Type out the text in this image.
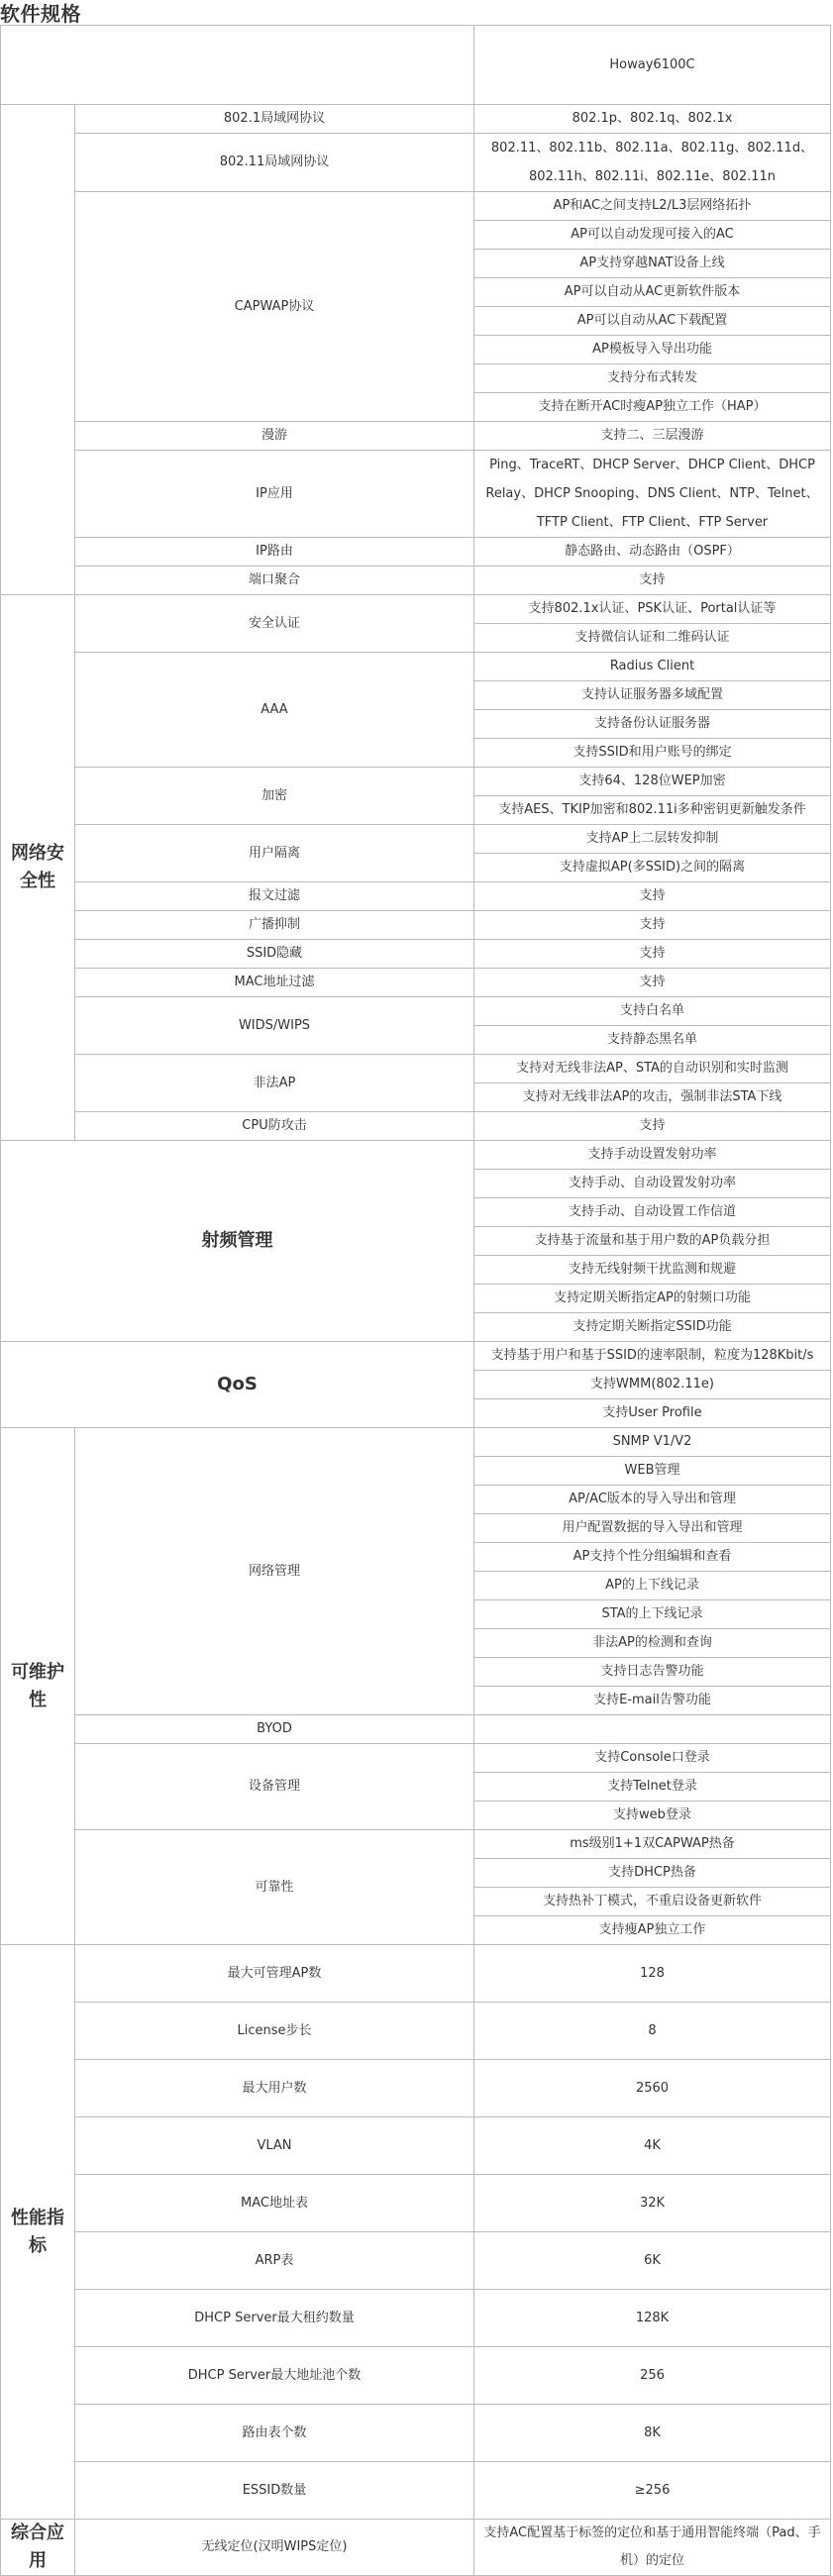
软件规格
		Howay6100C
	802.1局域网协议	802.1p、802.1q、802.1x
	802.11局域网协议	802.11、802.11b、802.11a、802.11g、802.11d、802.11h、802.11i、802.11e、802.11n
	CAPWAP协议	AP和AC之间支持L2/L3层网络拓扑
		AP可以自动发现可接入的AC
		AP支持穿越NAT设备上线
		AP可以自动从AC更新软件版本
		AP可以自动从AC下载配置
		AP模板导入导出功能
		支持分布式转发
		支持在断开AC时瘦AP独立工作（HAP）
	漫游	支持二、三层漫游
	IP应用	Ping、TraceRT、DHCP Server、DHCP Client、DHCP Relay、DHCP Snooping、DNS Client、NTP、Telnet、TFTP Client、FTP Client、FTP Server
	IP路由	静态路由、动态路由（OSPF）
	端口聚合	支持
网络安全性	安全认证	支持802.1x认证、PSK认证、Portal认证等
		支持微信认证和二维码认证
	AAA	Radius Client
		支持认证服务器多域配置
		支持备份认证服务器
		支持SSID和用户账号的绑定
	加密	支持64、128位WEP加密
		支持AES、TKIP加密和802.11i多种密钥更新触发条件
	用户隔离	支持AP上二层转发抑制
		支持虚拟AP(多SSID)之间的隔离
	报文过滤	支持
	广播抑制	支持
	SSID隐藏	支持
	MAC地址过滤	支持
	WIDS/WIPS	支持白名单
		支持静态黑名单
	非法AP	支持对无线非法AP、STA的自动识别和实时监测
		支持对无线非法AP的攻击，强制非法STA下线
	CPU防攻击	支持
射频管理		支持手动设置发射功率
		支持手动、自动设置发射功率
		支持手动、自动设置工作信道
		支持基于流量和基于用户数的AP负载分担
		支持无线射频干扰监测和规避
		支持定期关断指定AP的射频口功能
		支持定期关断指定SSID功能
QoS		支持基于用户和基于SSID的速率限制，粒度为128Kbit/s
		支持WMM(802.11e)
		支持User Profile
可维护性	网络管理	SNMP V1/V2
		WEB管理
		AP/AC版本的导入导出和管理
		用户配置数据的导入导出和管理
		AP支持个性分组编辑和查看
		AP的上下线记录
		STA的上下线记录
		非法AP的检测和查询
		支持日志告警功能
		支持E-mail告警功能
	BYOD	
	设备管理	支持Console口登录
		支持Telnet登录
		支持web登录
	可靠性	ms级别1+1双CAPWAP热备
		支持DHCP热备
		支持热补丁模式，不重启设备更新软件
		支持瘦AP独立工作
性能指标	最大可管理AP数	128
	License步长	8
	最大用户数	2560
	VLAN	4K
	MAC地址表	32K
	ARP表	6K
	DHCP Server最大租约数量	128K
	DHCP Server最大地址池个数	256
	路由表个数	8K
	ESSID数量	≥256
综合应用	无线定位(汉明WIPS定位)	支持AC配置基于标签的定位和基于通用智能终端（Pad、手机）的定位
